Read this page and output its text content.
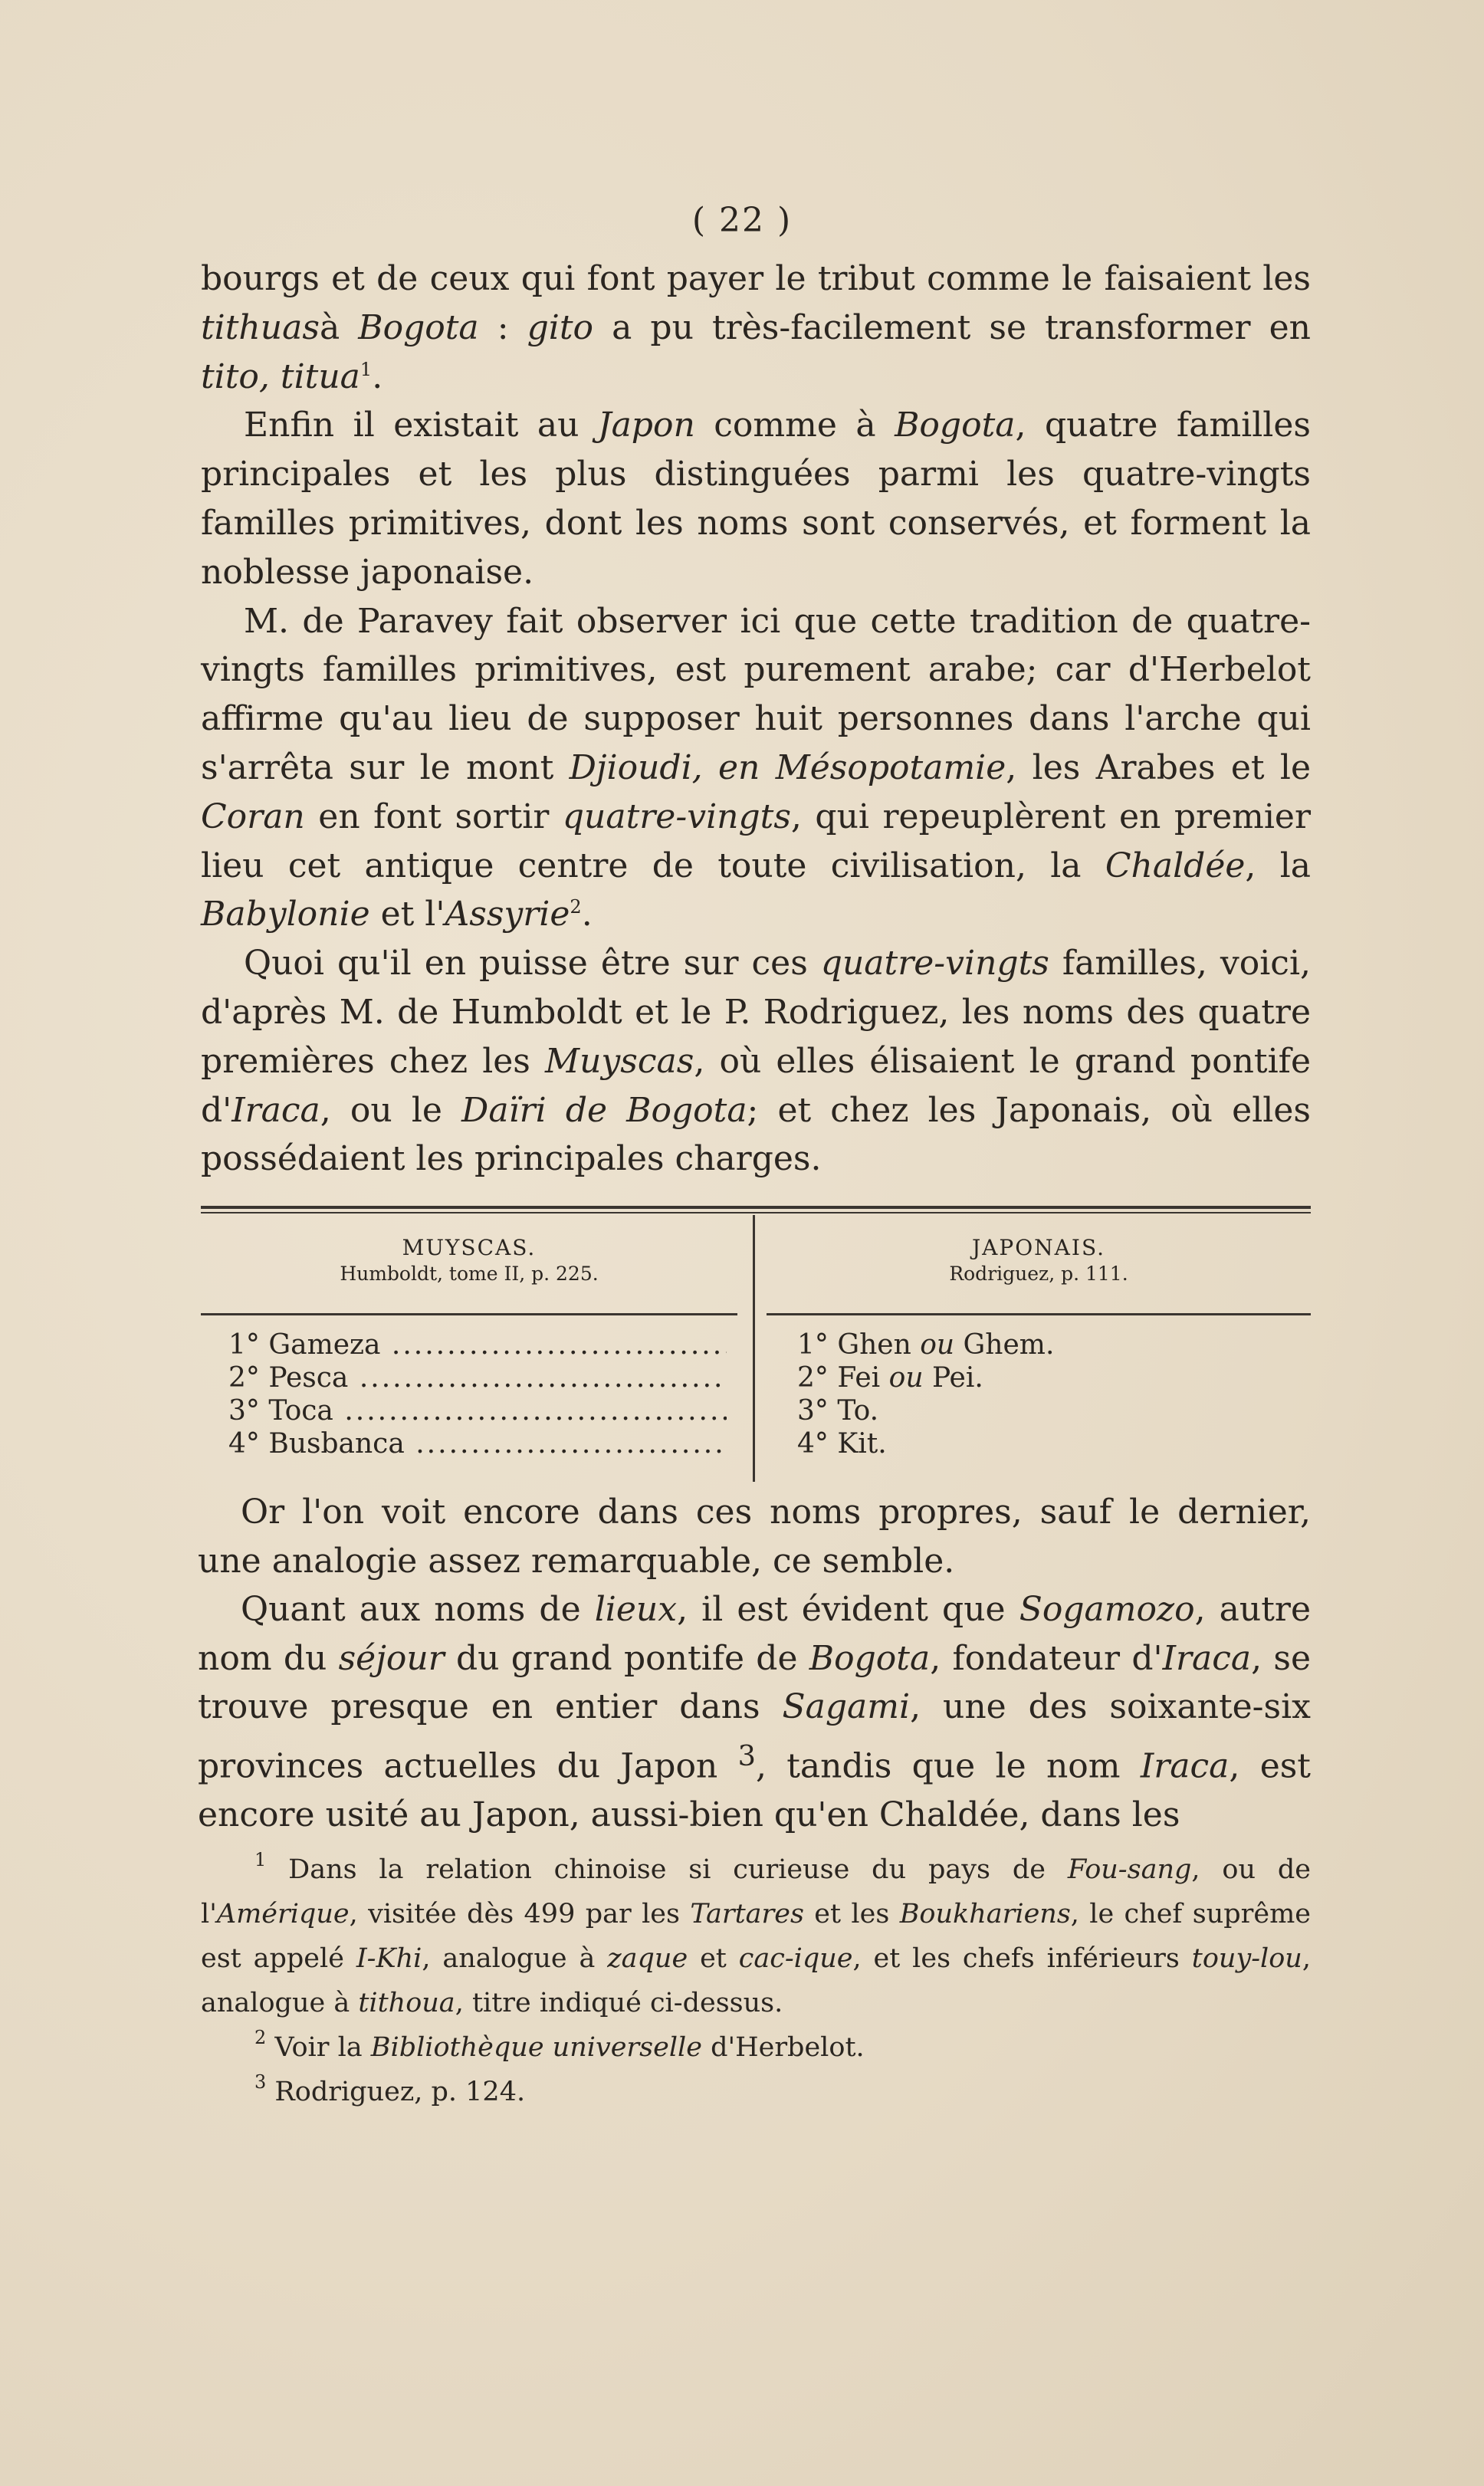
( 22 )

bourgs et de ceux qui font payer le tribut comme le faisaient les tithuasà Bogota : gito a pu très-facilement se transformer en tito, titua$^1$.

Enfin il existait au Japon comme à Bogota, quatre familles principales et les plus distinguées parmi les quatre-vingts familles primitives, dont les noms sont conservés, et forment la noblesse japonaise.

M. de Paravey fait observer ici que cette tradition de quatre-vingts familles primitives, est purement arabe; car d'Herbelot affirme qu'au lieu de supposer huit personnes dans l'arche qui s'arrêta sur le mont Djioudi, en Mésopotamie, les Arabes et le Coran en font sortir quatre-vingts, qui repeuplèrent en premier lieu cet antique centre de toute civilisation, la Chaldée, la Babylonie et l'Assyrie$^2$.

Quoi qu'il en puisse être sur ces quatre-vingts familles, voici, d'après M. de Humboldt et le P. Rodriguez, les noms des quatre premières chez les Muyscas, où elles élisaient le grand pontife d'Iraca, ou le Daïri de Bogota; et chez les Japonais, où elles possédaient les principales charges.

MUYSCAS.
Humboldt, tome II, p. 225.
1° Gameza .....
2° Pesca .....
3° Toca .....
4° Busbanca .....
JAPONAIS.
Rodriguez, p. 111.
1° Ghen ou Ghem.
2° Fei ou Pei.
3° To.
4° Kit.

Or l'on voit encore dans ces noms propres, sauf le dernier, une analogie assez remarquable, ce semble.

Quant aux noms de lieux, il est évident que Sogamozo, autre nom du séjour du grand pontife de Bogota, fondateur d'Iraca, se trouve presque en entier dans Sagami, une des soixante-six provinces actuelles du Japon $^3$, tandis que le nom Iraca, est encore usité au Japon, aussi-bien qu'en Chaldée, dans les

$^1$ Dans la relation chinoise si curieuse du pays de Fou-sang, ou de l'Amérique, visitée dès 499 par les Tartares et les Boukhariens, le chef suprême est appelé I-Khi, analogue à zaque et cac-ique, et les chefs inférieurs touy-lou, analogue à tithoua, titre indiqué ci-dessus.

$^2$ Voir la Bibliothèque universelle d'Herbelot.

$^3$ Rodriguez, p. 124.
